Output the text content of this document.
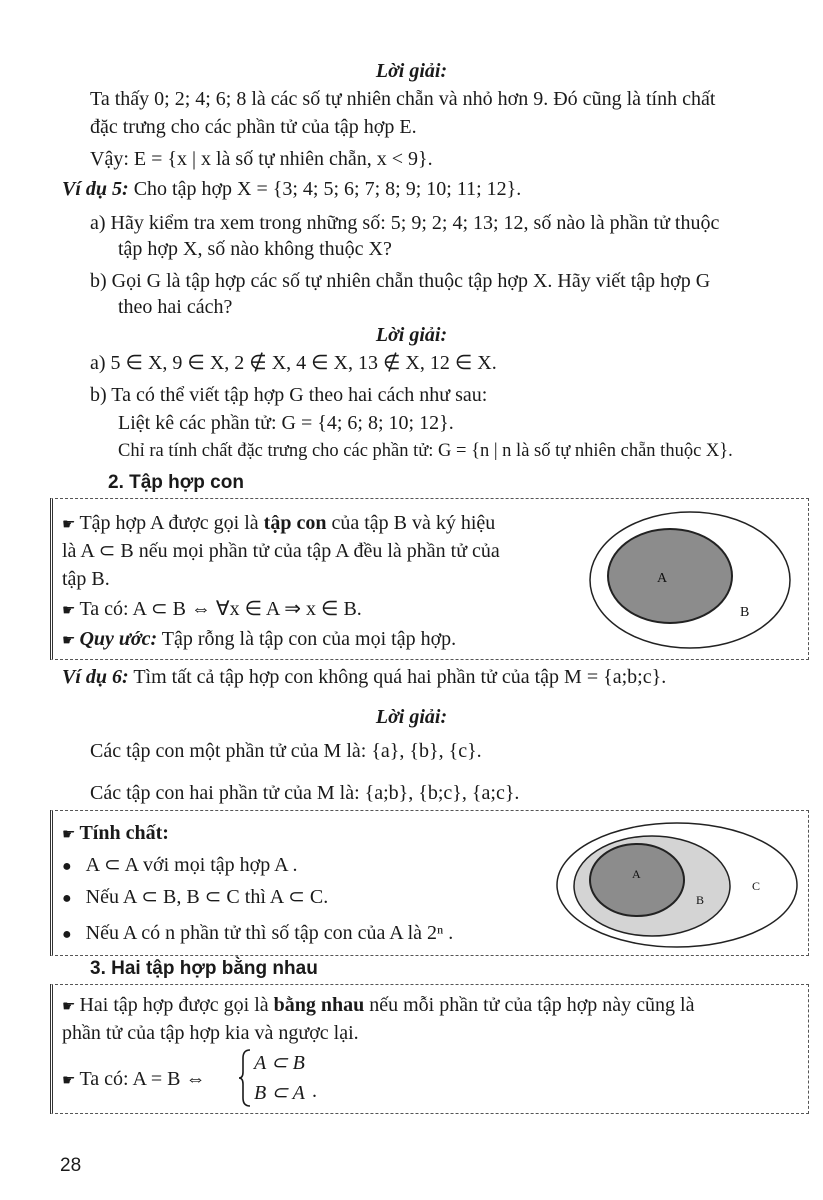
Lời giải:
Ta thấy 0; 2; 4; 6; 8 là các số tự nhiên chẵn và nhỏ hơn 9. Đó cũng là tính chất
đặc trưng cho các phần tử của tập hợp E.
Vậy: E = {x | x là số tự nhiên chẵn, x < 9}.
Ví dụ 5: Cho tập hợp X = {3; 4; 5; 6; 7; 8; 9; 10; 11; 12}.
a) Hãy kiểm tra xem trong những số: 5; 9; 2; 4; 13; 12, số nào là phần tử thuộc
tập hợp X, số nào không thuộc X?
b) Gọi G là tập hợp các số tự nhiên chẵn thuộc tập hợp X. Hãy viết tập hợp G
theo hai cách?
Lời giải:
a) 5 ∈ X, 9 ∈ X, 2 ∉ X, 4 ∈ X, 13 ∉ X, 12 ∈ X.
b) Ta có thể viết tập hợp G theo hai cách như sau:
Liệt kê các phần tử: G = {4; 6; 8; 10; 12}.
Chỉ ra tính chất đặc trưng cho các phần tử: G = {n | n là số tự nhiên chẵn thuộc X}.
2. Tập hợp con
☛ Tập hợp A được gọi là tập con của tập B và ký hiệu
là A ⊂ B nếu mọi phần tử của tập A đều là phần tử của
tập B.
☛ Ta có: A ⊂ B ⇔ ∀x ∈ A ⇒ x ∈ B.
☛ Quy ước: Tập rỗng là tập con của mọi tập hợp.
A
B
Ví dụ 6: Tìm tất cả tập hợp con không quá hai phần tử của tập M = {a;b;c}.
Lời giải:
Các tập con một phần tử của M là: {a}, {b}, {c}.
Các tập con hai phần tử của M là: {a;b}, {b;c}, {a;c}.
☛ Tính chất:
● A ⊂ A với mọi tập hợp A .
● Nếu A ⊂ B, B ⊂ C thì A ⊂ C.
● Nếu A có n phần tử thì số tập con của A là 2ⁿ .
A
B
C
3. Hai tập hợp bằng nhau
☛ Hai tập hợp được gọi là bằng nhau nếu mỗi phần tử của tập hợp này cũng là
phần tử của tập hợp kia và ngược lại.
☛ Ta có: A = B ⇔
A ⊂ B
B ⊂ A .
28
